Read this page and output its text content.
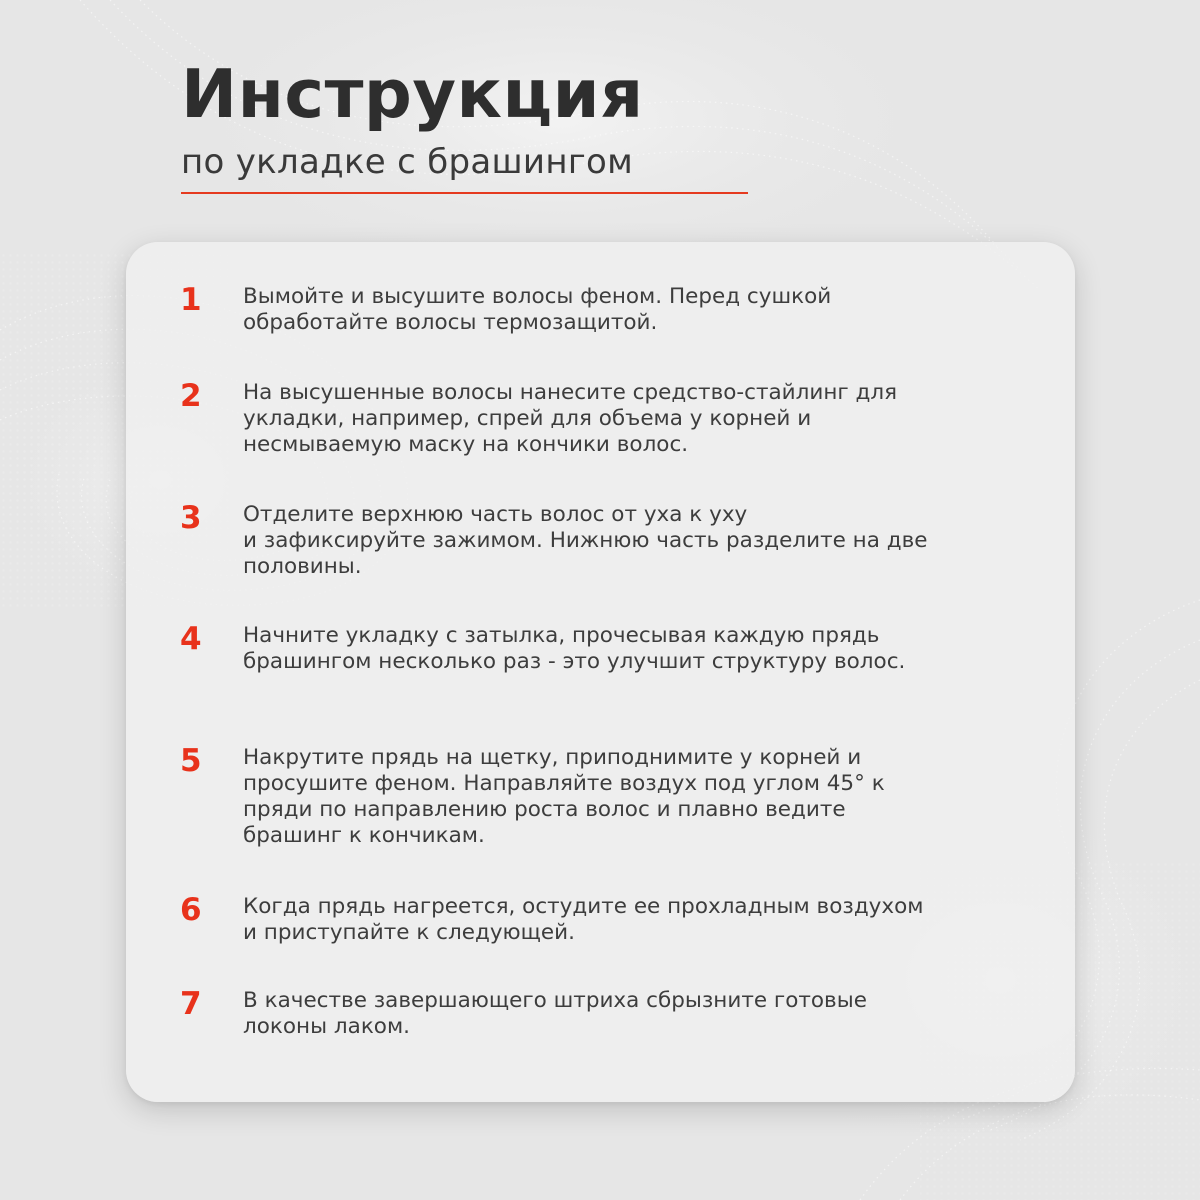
Инструкция
по укладке с брашингом
1	Вымойте и высушите волосы феном. Перед сушкой
обработайте волосы термозащитой.
2	На высушенные волосы нанесите средство-стайлинг для
укладки, например, спрей для объема у корней и
несмываемую маску на кончики волос.
3	Отделите верхнюю часть волос от уха к уху
и зафиксируйте зажимом. Нижнюю часть разделите на две
половины.
4	Начните укладку с затылка, прочесывая каждую прядь
брашингом несколько раз - это улучшит структуру волос.
5	Накрутите прядь на щетку, приподнимите у корней и
просушите феном. Направляйте воздух под углом 45° к
пряди по направлению роста волос и плавно ведите
брашинг к кончикам.
6	Когда прядь нагреется, остудите ее прохладным воздухом
и приступайте к следующей.
7	В качестве завершающего штриха сбрызните готовые
локоны лаком.
